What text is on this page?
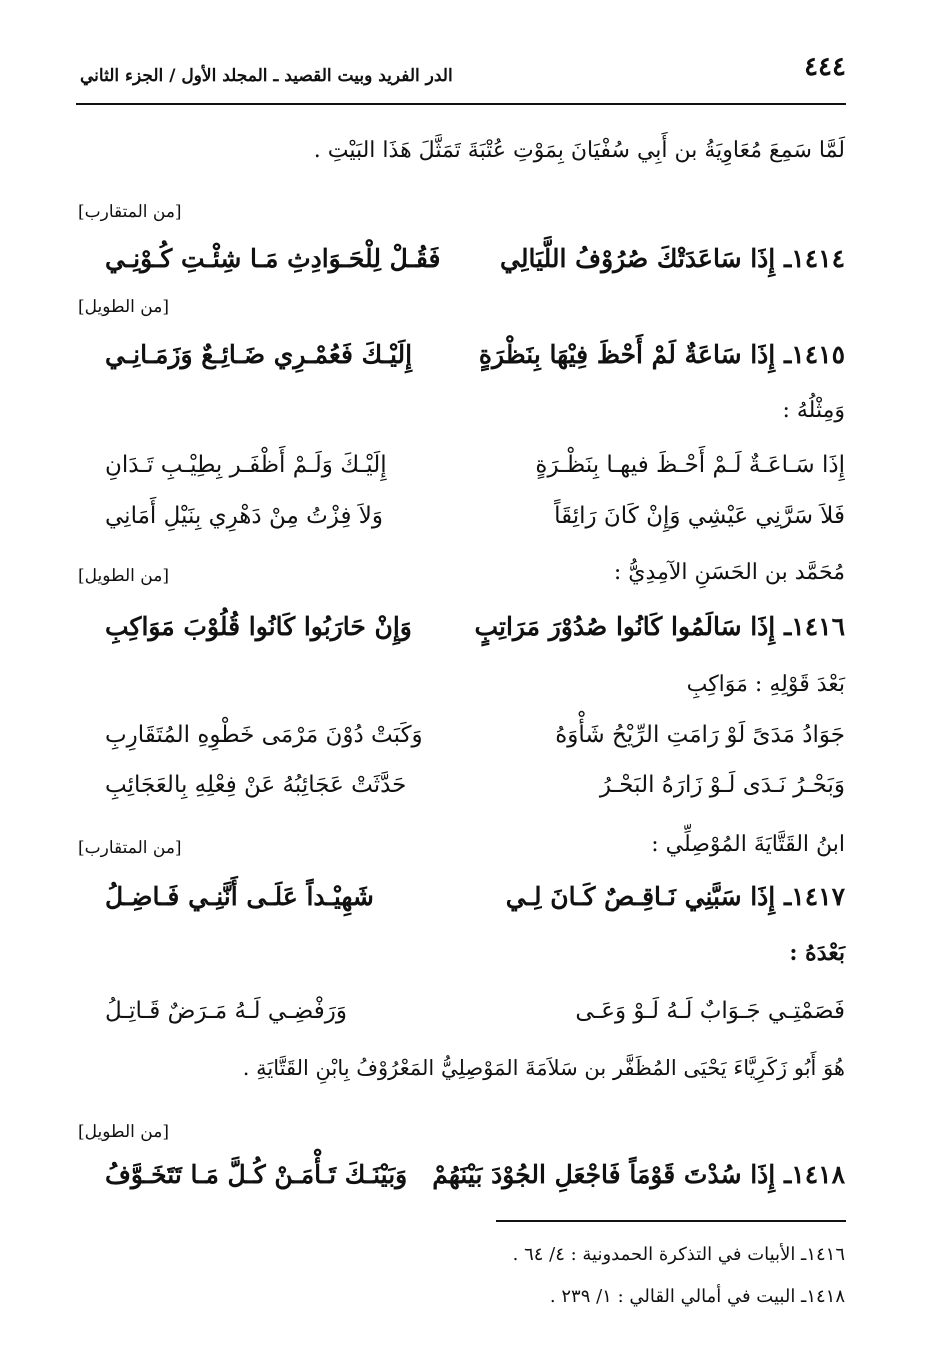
٤٤٤
الدر الفريد وبيت القصيد ـ المجلد الأول / الجزء الثاني
لَمَّا سَمِعَ مُعَاوِيَةُ بن أَبِي سُفْيَانَ بِمَوْتِ عُتْبَةَ تَمَثَّلَ هَذَا البَيْتِ .
[من المتقارب]
١٤١٤ـ إِذَا سَاعَدَتْكَ صُرُوْفُ اللَّيَالِي
فَقُـلْ لِلْحَـوَادِثِ مَـا شِئْـتِ كُـوْنِـي
[من الطويل]
١٤١٥ـ إِذَا سَاعَةٌ لَمْ أَحْظَ فِيْهَا بِنَظْرَةٍ
إِلَيْـكَ فَعُمْـرِي ضَـائِـعٌ وَزَمَـانِـي
وَمِثْلُهُ :
إِذَا سَـاعَـةٌ لَـمْ أَحْـظَ فيهـا بِنَظْـرَةٍ
إِلَيْـكَ وَلَـمْ أَظْفَـر بِطِيْـبِ تَـدَانِ
فَلاَ سَرَّنِي عَيْشِي وَإِنْ كَانَ رَائِقَاً
وَلاَ فِزْتُ مِنْ دَهْرِي بِنَيْلِ أَمَانِي
مُحَمَّد بن الحَسَنِ الآمِدِيُّ :
[من الطويل]
١٤١٦ـ إِذَا سَالَمُوا كَانُوا صُدُوْرَ مَرَاتِبٍ
وَإِنْ حَارَبُوا كَانُوا قُلُوْبَ مَوَاكِبِ
بَعْدَ قَوْلِهِ : مَوَاكِبِ
جَوَادُ مَدَىً لَوْ رَامَتِ الرِّيْحُ شَأْوَهُ
وَكَبَتْ دُوْنَ مَرْمَى خَطْوِهِ المُتَقَارِبِ
وَبَحْـرُ نَـدَى لَـوْ زَارَهُ البَحْـرُ
حَدَّثَتْ عَجَائِبُهُ عَنْ فِعْلِهِ بِالعَجَائِبِ
ابنُ القَتَّايَةَ المُوْصِلِّي :
[من المتقارب]
١٤١٧ـ إِذَا سَبَّنِي نَـاقِـصٌ كَـانَ لِـي
شَهِيْـداً عَلَـى أَنَّنِـي فَـاضِـلُ
بَعْدَهُ :
فَصَمْتِـي جَـوَابٌ لَـهُ لَـوْ وَعَـى
وَرَفْضِـي لَـهُ مَـرَضٌ قَـاتِـلُ
هُوَ أَبُو زَكَرِيَّاءَ يَحْيَى المُظَفَّر بن سَلاَمَةَ المَوْصِلِيُّ المَعْرُوْفُ بِابْنِ القَتَّايَةِ .
[من الطويل]
١٤١٨ـ إِذَا سُدْتَ قَوْمَاً فَاجْعَلِ الجُوْدَ بَيْنَهُمْ
وَبَيْنَـكَ تَـأْمَـنْ كُـلَّ مَـا تَتَخَـوَّفُ
١٤١٦ـ الأبيات في التذكرة الحمدونية : ٤/ ٦٤ .
١٤١٨ـ البيت في أمالي القالي : ١/ ٢٣٩ .
